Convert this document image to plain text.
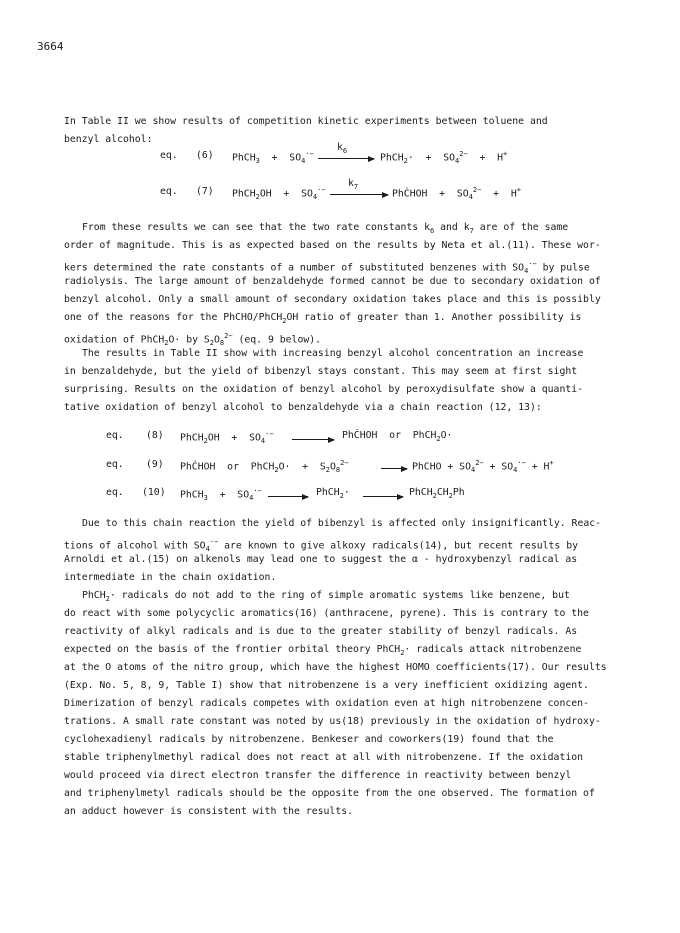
3664
In Table II we show results of competition kinetic experiments between toluene and
benzyl alcohol:
eq. (6) PhCH$_3$  +  $SO_4^{\cdot-}$
$k_6$
PhCH$_2$·  +  $SO_4^{2-} + H^+$
eq. (7) PhCH$_2$OH  +  $SO_4^{\cdot-}$
$k_7$
PhĊHOH  +  $SO_4^{2-} + H^+$
From these results we can see that the two rate constants $k_6$ and $k_7$ are of the same
order of magnitude. This is as expected based on the results by Neta et al.(11). These wor-
kers determined the rate constants of a number of substituted benzenes with $SO_4^{\cdot-}$ by pulse
radiolysis. The large amount of benzaldehyde formed cannot be due to secondary oxidation of
benzyl alcohol. Only a small amount of secondary oxidation takes place and this is possibly
one of the reasons for the PhCHO/PhCH$_2$OH ratio of greater than 1. Another possibility is
oxidation of PhCH$_2$O· by $S_2O_8^{2-}$ (eq. 9 below).
The results in Table II show with increasing benzyl alcohol concentration an increase
in benzaldehyde, but the yield of bibenzyl stays constant. This may seem at first sight
surprising. Results on the oxidation of benzyl alcohol by peroxydisulfate show a quanti-
tative oxidation of benzyl alcohol to benzaldehyde via a chain reaction (12, 13):
eq. (8) PhCH$_2$OH  +  $SO_4^{\cdot-}$	PhĊHOH  or  PhCH$_2$O·
eq. (9) PhĊHOH  or  PhCH$_2$O·  +  $S_2O_8^{2-}$ → PhCHO + $SO_4^{2-} + SO_4^{\cdot-} + H^+$
eq. (10) PhCH$_3$  +  $SO_4^{\cdot-}$	PhCH$_2$·	$PhCH_2CH_2Ph$
Due to this chain reaction the yield of bibenzyl is affected only insignificantly. Reac-
tions of alcohol with $SO_4^{\cdot-}$ are known to give alkoxy radicals(14), but recent results by
Arnoldi et al.(15) on alkenols may lead one to suggest the α - hydroxybenzyl radical as
intermediate in the chain oxidation.
PhCH$_2$· radicals do not add to the ring of simple aromatic systems like benzene, but
do react with some polycyclic aromatics(16) (anthracene, pyrene). This is contrary to the
reactivity of alkyl radicals and is due to the greater stability of benzyl radicals. As
expected on the basis of the frontier orbital theory PhCH$_2$· radicals attack nitrobenzene
at the O atoms of the nitro group, which have the highest HOMO coefficients(17). Our results
(Exp. No. 5, 8, 9, Table I) show that nitrobenzene is a very inefficient oxidizing agent.
Dimerization of benzyl radicals competes with oxidation even at high nitrobenzene concen-
trations. A small rate constant was noted by us(18) previously in the oxidation of hydroxy-
cyclohexadienyl radicals by nitrobenzene. Benkeser and coworkers(19) found that the
stable triphenylmethyl radical does not react at all with nitrobenzene. If the oxidation
would proceed via direct electron transfer the difference in reactivity between benzyl
and triphenylmetyl radicals should be the opposite from the one observed. The formation of
an adduct however is consistent with the results.
